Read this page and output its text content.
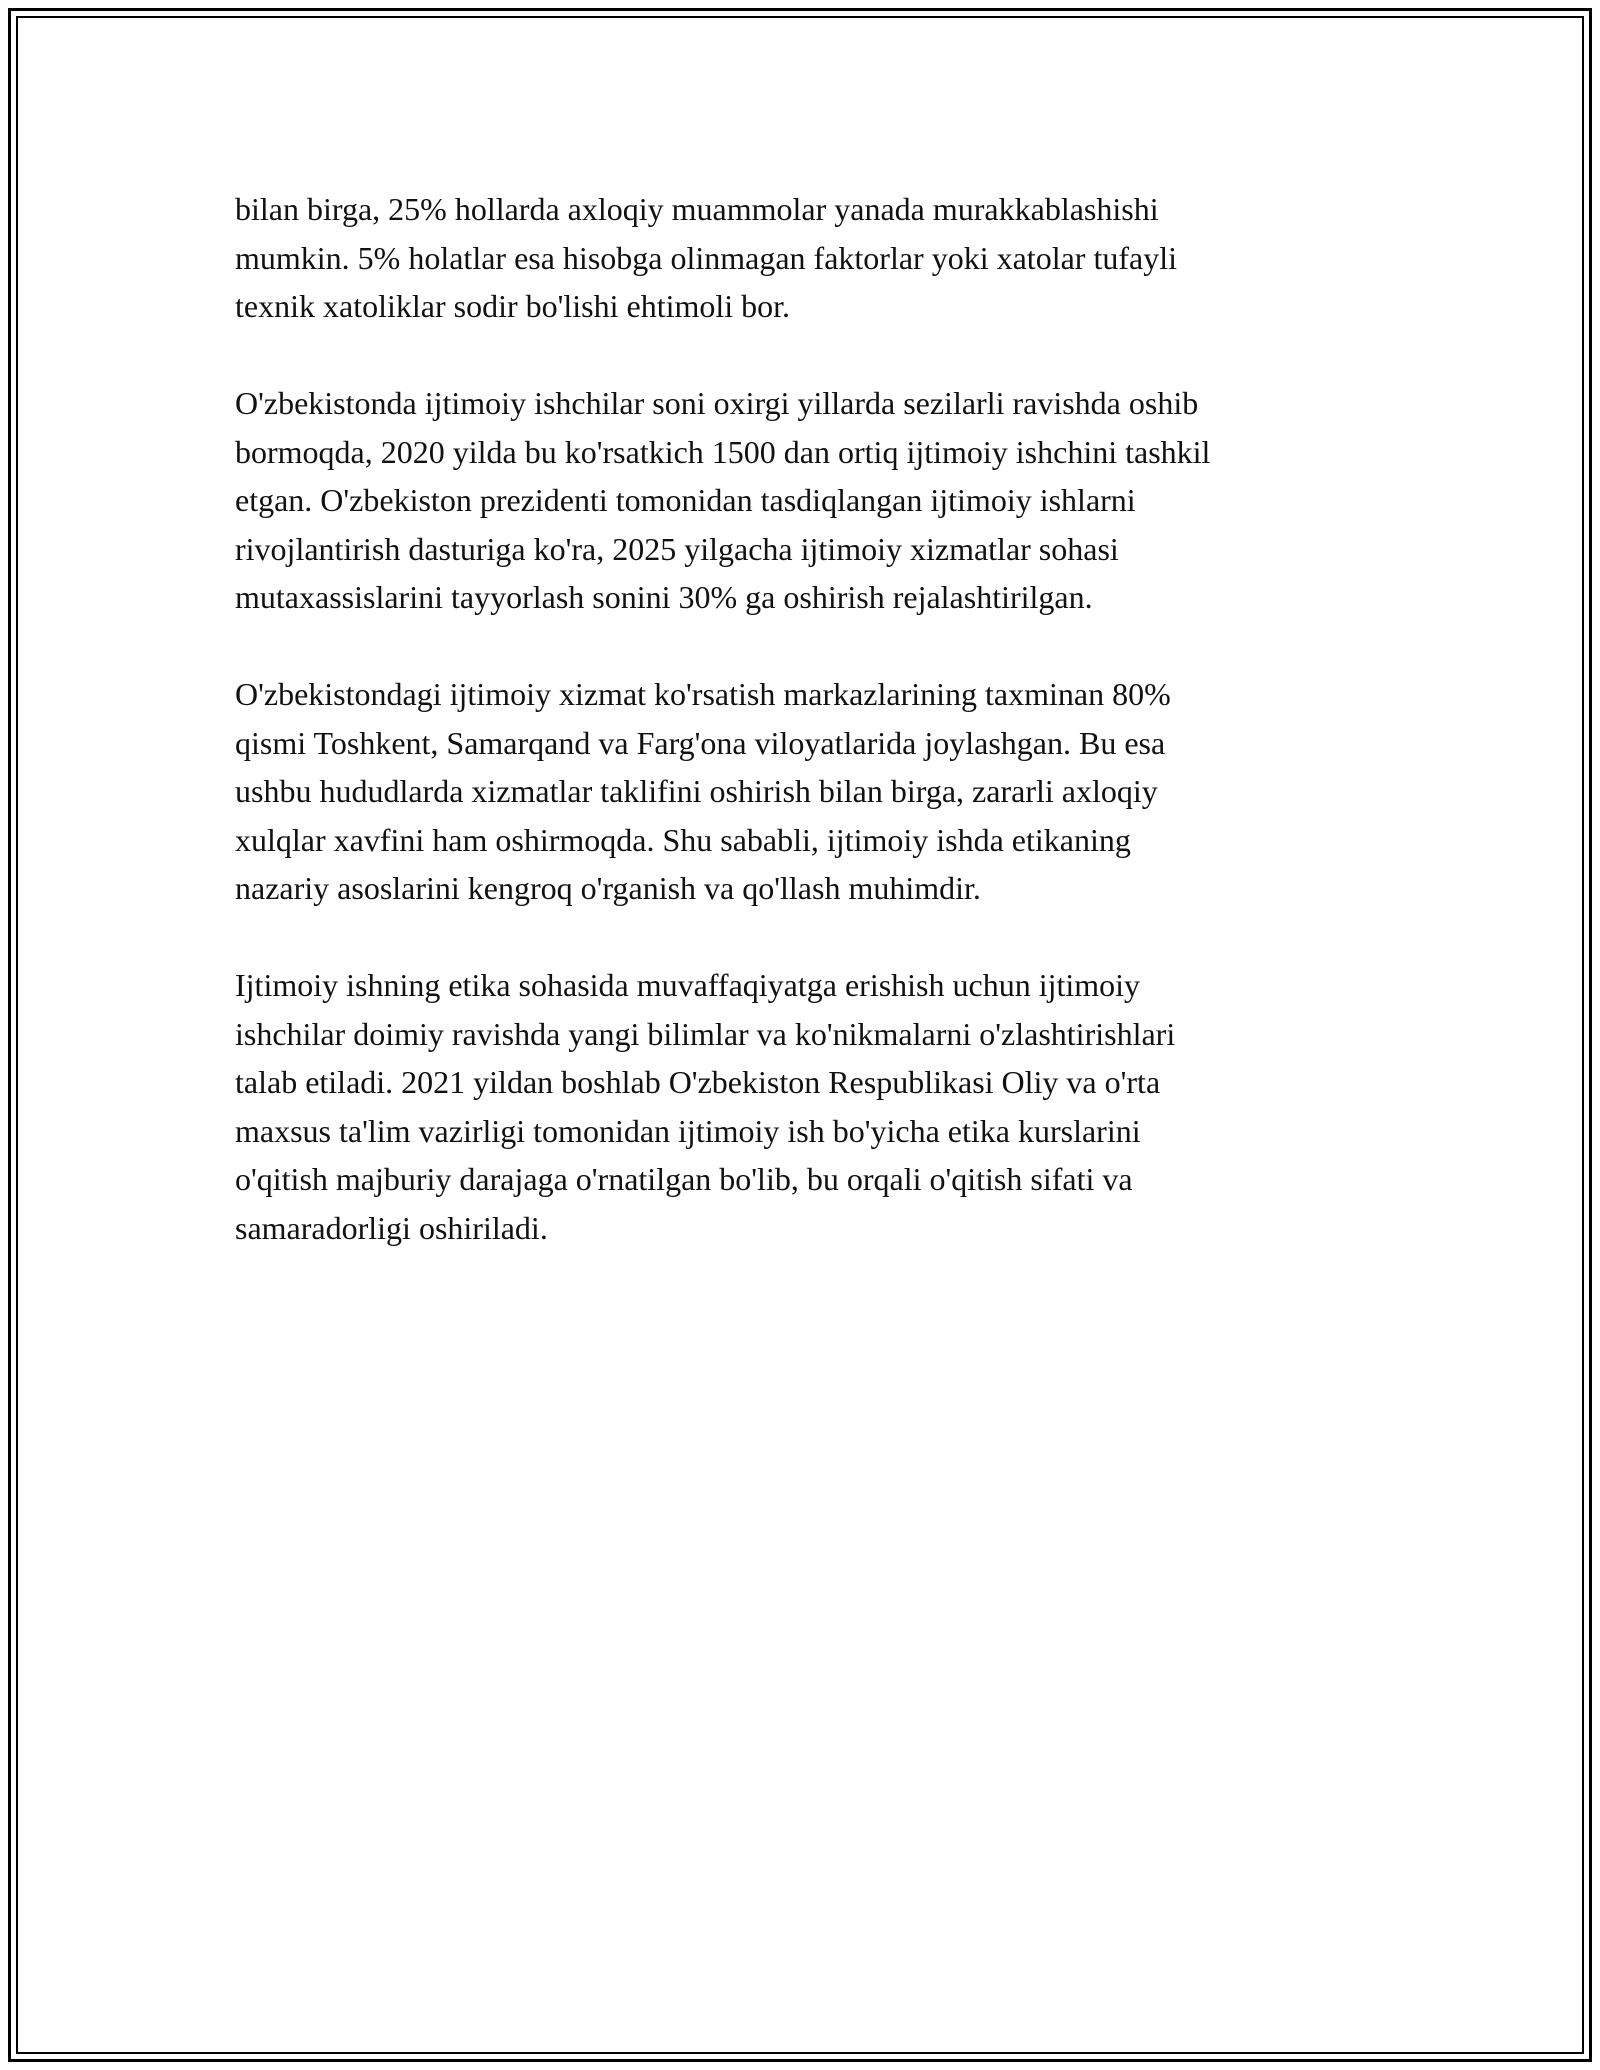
bilan birga, 25% hollarda axloqiy muammolar yanada murakkablashishi
mumkin. 5% holatlar esa hisobga olinmagan faktorlar yoki xatolar tufayli
texnik xatoliklar sodir bo'lishi ehtimoli bor.

O'zbekistonda ijtimoiy ishchilar soni oxirgi yillarda sezilarli ravishda oshib
bormoqda, 2020 yilda bu ko'rsatkich 1500 dan ortiq ijtimoiy ishchini tashkil
etgan. O'zbekiston prezidenti tomonidan tasdiqlangan ijtimoiy ishlarni
rivojlantirish dasturiga ko'ra, 2025 yilgacha ijtimoiy xizmatlar sohasi
mutaxassislarini tayyorlash sonini 30% ga oshirish rejalashtirilgan.

O'zbekistondagi ijtimoiy xizmat ko'rsatish markazlarining taxminan 80%
qismi Toshkent, Samarqand va Farg'ona viloyatlarida joylashgan. Bu esa
ushbu hududlarda xizmatlar taklifini oshirish bilan birga, zararli axloqiy
xulqlar xavfini ham oshirmoqda. Shu sababli, ijtimoiy ishda etikaning
nazariy asoslarini kengroq o'rganish va qo'llash muhimdir.

Ijtimoiy ishning etika sohasida muvaffaqiyatga erishish uchun ijtimoiy
ishchilar doimiy ravishda yangi bilimlar va ko'nikmalarni o'zlashtirishlari
talab etiladi. 2021 yildan boshlab O'zbekiston Respublikasi Oliy va o'rta
maxsus ta'lim vazirligi tomonidan ijtimoiy ish bo'yicha etika kurslarini
o'qitish majburiy darajaga o'rnatilgan bo'lib, bu orqali o'qitish sifati va
samaradorligi oshiriladi.
